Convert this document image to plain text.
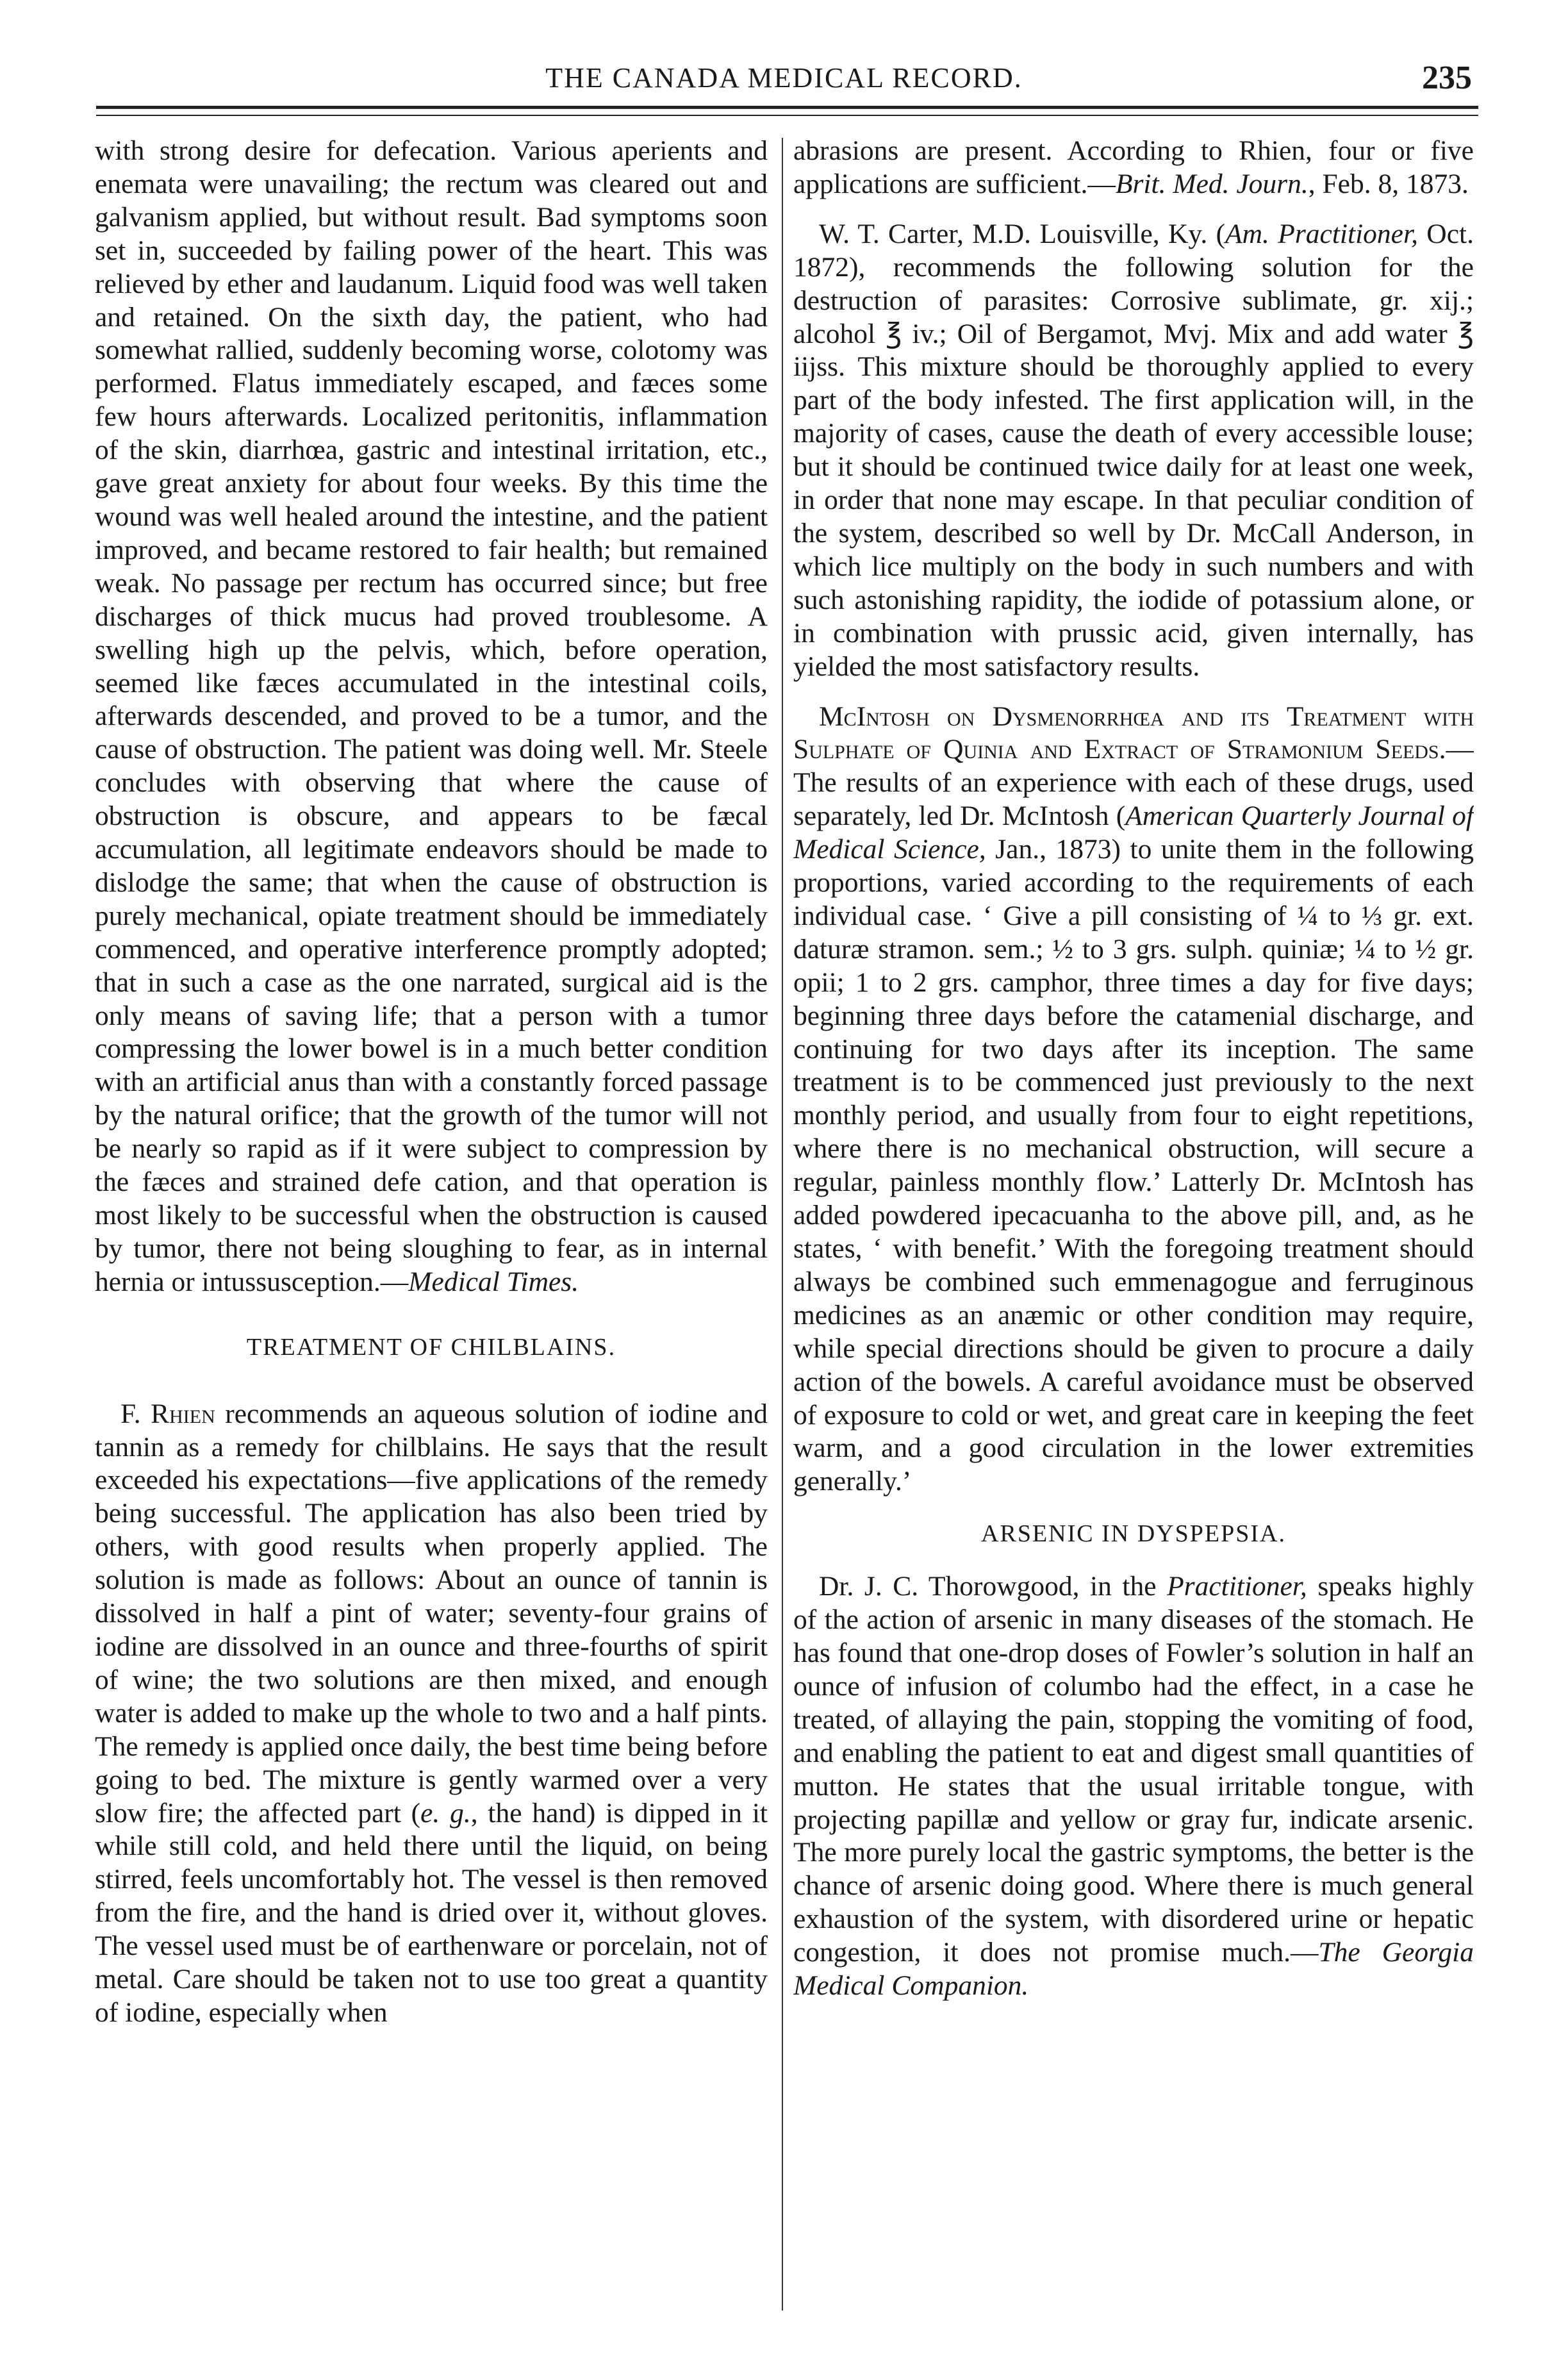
THE CANADA MEDICAL RECORD.	235

with strong desire for defecation. Various aperients and enemata were unavailing; the rectum was cleared out and galvanism applied, but without result. Bad symptoms soon set in, succeeded by failing power of the heart. This was relieved by ether and laudanum. Liquid food was well taken and retained. On the sixth day, the patient, who had somewhat rallied, suddenly becoming worse, colotomy was performed. Flatus immediately escaped, and fæces some few hours afterwards. Localized peritonitis, inflammation of the skin, diarrhœa, gastric and intestinal irritation, etc., gave great anxiety for about four weeks. By this time the wound was well healed around the intestine, and the patient improved, and became restored to fair health; but remained weak. No passage per rectum has occurred since; but free discharges of thick mucus had proved troublesome. A swelling high up the pelvis, which, before operation, seemed like fæces accumulated in the intestinal coils, afterwards descended, and proved to be a tumor, and the cause of obstruction. The patient was doing well. Mr. Steele concludes with observing that where the cause of obstruction is obscure, and appears to be fæcal accumulation, all legitimate endeavors should be made to dislodge the same; that when the cause of obstruction is purely mechanical, opiate treatment should be immediately commenced, and operative interference promptly adopted; that in such a case as the one narrated, surgical aid is the only means of saving life; that a person with a tumor compressing the lower bowel is in a much better condition with an artificial anus than with a constantly forced passage by the natural orifice; that the growth of the tumor will not be nearly so rapid as if it were subject to compression by the fæces and strained defe cation, and that operation is most likely to be successful when the obstruction is caused by tumor, there not being sloughing to fear, as in internal hernia or intussusception.—Medical Times.

TREATMENT OF CHILBLAINS.

F. Rhien recommends an aqueous solution of iodine and tannin as a remedy for chilblains. He says that the result exceeded his expectations—five applications of the remedy being successful. The application has also been tried by others, with good results when properly applied. The solution is made as follows: About an ounce of tannin is dissolved in half a pint of water; seventy-four grains of iodine are dissolved in an ounce and three-fourths of spirit of wine; the two solutions are then mixed, and enough water is added to make up the whole to two and a half pints. The remedy is applied once daily, the best time being before going to bed. The mixture is gently warmed over a very slow fire; the affected part (e. g., the hand) is dipped in it while still cold, and held there until the liquid, on being stirred, feels uncomfortably hot. The vessel is then removed from the fire, and the hand is dried over it, without gloves. The vessel used must be of earthenware or porcelain, not of metal. Care should be taken not to use too great a quantity of iodine, especially when

abrasions are present. According to Rhien, four or five applications are sufficient.—Brit. Med. Journ., Feb. 8, 1873.

W. T. Carter, M.D. Louisville, Ky. (Am. Practitioner, Oct. 1872), recommends the following solution for the destruction of parasites: Corrosive sublimate, gr. xij.; alcohol ℥ iv.; Oil of Bergamot, Mvj. Mix and add water ℥ iijss. This mixture should be thoroughly applied to every part of the body infested. The first application will, in the majority of cases, cause the death of every accessible louse; but it should be continued twice daily for at least one week, in order that none may escape. In that peculiar condition of the system, described so well by Dr. McCall Anderson, in which lice multiply on the body in such numbers and with such astonishing rapidity, the iodide of potassium alone, or in combination with prussic acid, given internally, has yielded the most satisfactory results.

McIntosh on Dysmenorrhœa and its Treatment with Sulphate of Quinia and Extract of Stramonium Seeds.—The results of an experience with each of these drugs, used separately, led Dr. McIntosh (American Quarterly Journal of Medical Science, Jan., 1873) to unite them in the following proportions, varied according to the requirements of each individual case. ‘ Give a pill consisting of ¼ to ⅓ gr. ext. daturæ stramon. sem.; ½ to 3 grs. sulph. quiniæ; ¼ to ½ gr. opii; 1 to 2 grs. camphor, three times a day for five days; beginning three days before the catamenial discharge, and continuing for two days after its inception. The same treatment is to be commenced just previously to the next monthly period, and usually from four to eight repetitions, where there is no mechanical obstruction, will secure a regular, painless monthly flow.’ Latterly Dr. McIntosh has added powdered ipecacuanha to the above pill, and, as he states, ‘ with benefit.’ With the foregoing treatment should always be combined such emmenagogue and ferruginous medicines as an anæmic or other condition may require, while special directions should be given to procure a daily action of the bowels. A careful avoidance must be observed of exposure to cold or wet, and great care in keeping the feet warm, and a good circulation in the lower extremities generally.’

ARSENIC IN DYSPEPSIA.

Dr. J. C. Thorowgood, in the Practitioner, speaks highly of the action of arsenic in many diseases of the stomach. He has found that one-drop doses of Fowler’s solution in half an ounce of infusion of columbo had the effect, in a case he treated, of allaying the pain, stopping the vomiting of food, and enabling the patient to eat and digest small quantities of mutton. He states that the usual irritable tongue, with projecting papillæ and yellow or gray fur, indicate arsenic. The more purely local the gastric symptoms, the better is the chance of arsenic doing good. Where there is much general exhaustion of the system, with disordered urine or hepatic congestion, it does not promise much.—The Georgia Medical Companion.
